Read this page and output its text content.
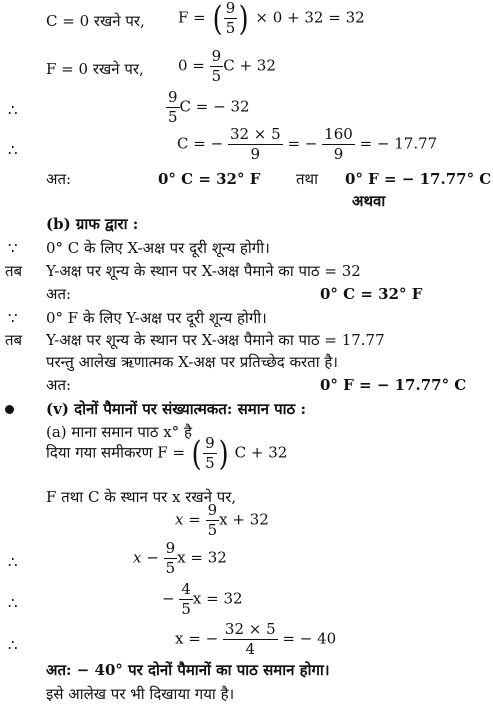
C = 0 रखने पर, F = ( $\frac{9}{5}$ ) × 0 + 32 = 32
F = 0 रखने पर, $0 = \frac{9}{5}$ C + 32
∴	$\frac{9}{5}$ C = − 32
∴	C = − $\frac{32 \times 5}{9}$ = − $\frac{160}{9}$ = − 17.77
अत:	0° C = 32° F तथा 0° F = − 17.77° C
अथवा
(b) ग्राफ द्वारा :
∵ 0° C के लिए X-अक्ष पर दूरी शून्य होगी।
तब Y-अक्ष पर शून्य के स्थान पर X-अक्ष पैमाने का पाठ = 32
अत:	0° C = 32° F
∵ 0° F के लिए Y-अक्ष पर दूरी शून्य होगी।
तब Y-अक्ष पर शून्य के स्थान पर X-अक्ष पैमाने का पाठ = 17.77
परन्तु आलेख ऋणात्मक X-अक्ष पर प्रतिच्छेद करता है।
अत:	0° F = − 17.77° C
(v) दोनों पैमानों पर संख्यात्मकत: समान पाठ :
(a) माना समान पाठ x° है
दिया गया समीकरण F = ( $\frac{9}{5}$ ) C + 32
F तथा C के स्थान पर x रखने पर,
$x = \frac{9}{5}$ x + 32
∴	$x - \frac{9}{5}$ x = 32
∴	− $\frac{4}{5}$ x = 32
∴	x = − $\frac{32 \times 5}{4}$ = − 40
अत: − 40° पर दोनों पैमानों का पाठ समान होगा।
इसे आलेख पर भी दिखाया गया है।
